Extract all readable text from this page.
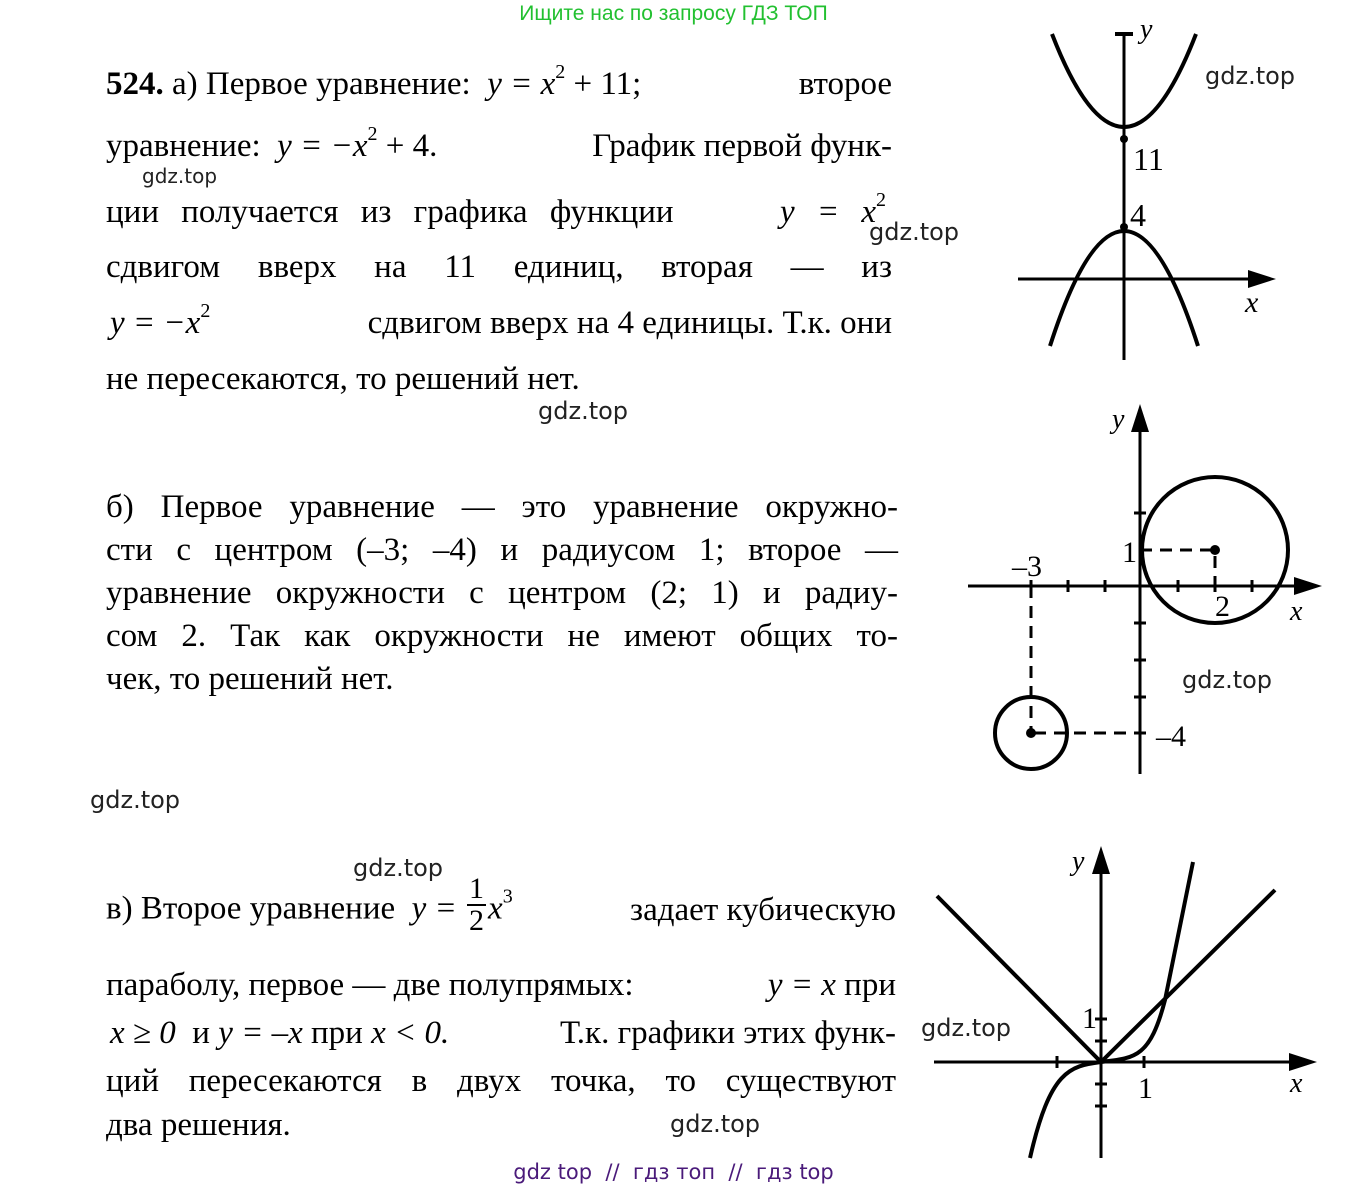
Ищите нас по запросу ГДЗ ТОП
524. а) Первое уравнение: $y = x^2 + 11$;	второе
уравнение: $y = -x^2 + 4$.	График первой функ-
ции получается из графика функции	$y = x^2$
сдвигом вверх на 11 единиц, вторая — из
$y = -x^2$	сдвигом вверх на 4 единицы. Т.к. они
не пересекаются, то решений нет.
б) Первое уравнение — это уравнение окружно-
сти с центром (–3; –4) и радиусом 1; второе —
уравнение окружности с центром (2; 1) и радиу-
сом 2. Так как окружности не имеют общих то-
чек, то решений нет.
в) Второе уравнение $y = \frac{1}{2} x^3$	задает кубическую
параболу, первое — две полупрямых:	y = x при
x ≥ 0 и y = –x при x < 0.	Т.к. графики этих функ-
ций пересекаются в двух точка, то существуют
два решения.
gdz.top
gdz.top
gdz.top
gdz.top
gdz.top
gdz.top
gdz.top
gdz.top
gdz.top
11
4
x
y
–3	1
2
–4
x
y
1
1
x
y
gdz top  //  гдз топ  //  гдз top
